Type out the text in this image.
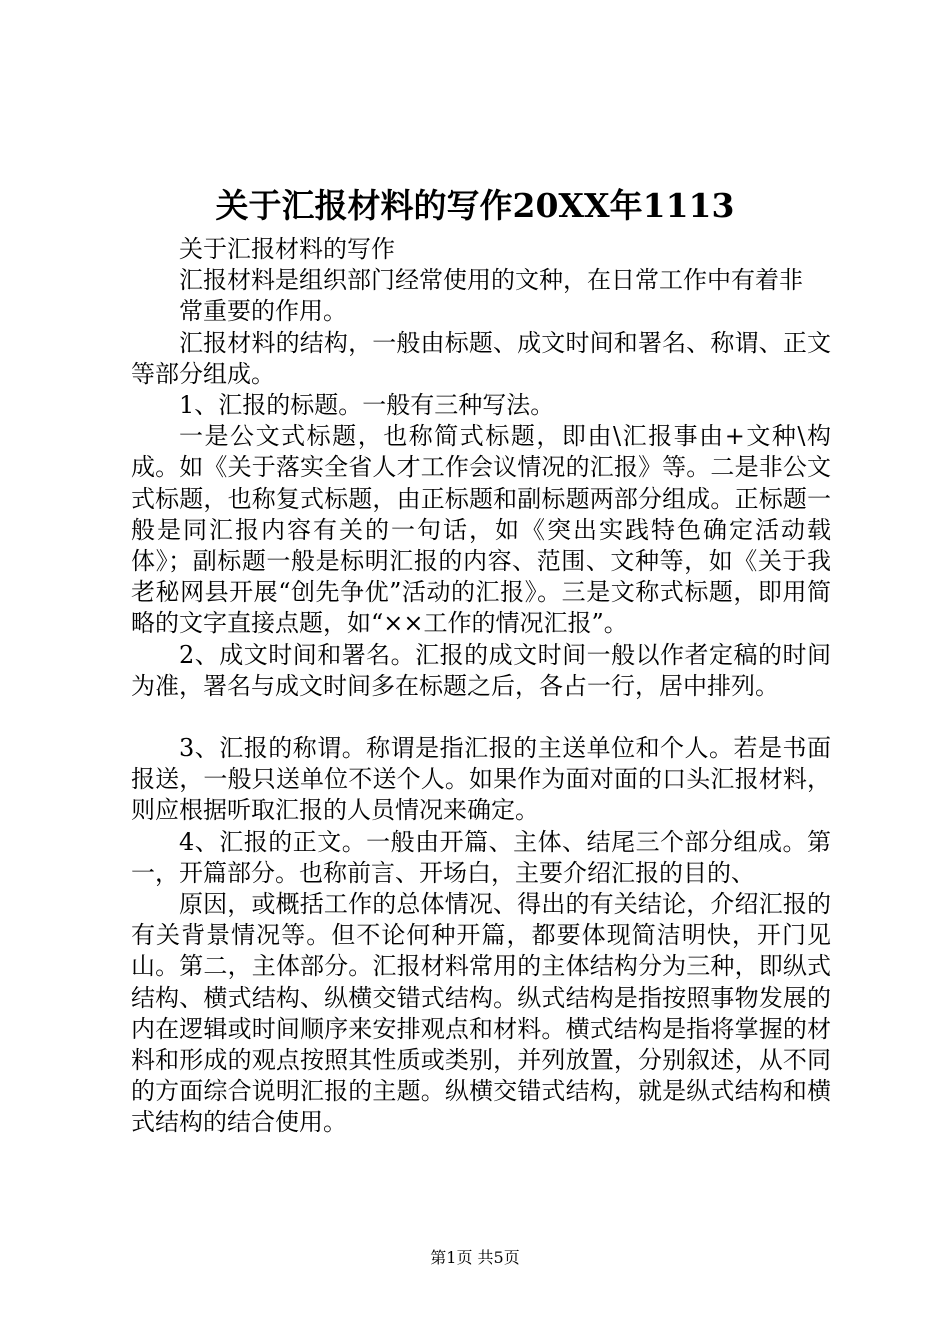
关于汇报材料的写作20XX年1113

关于汇报材料的写作

汇报材料是组织部门经常使用的文种，在日常工作中有着非

常重要的作用。

汇报材料的结构，一般由标题、成文时间和署名、称谓、正文等部分组成。

1、汇报的标题。一般有三种写法。

一是公文式标题，也称简式标题，即由\汇报事由+文种\构成。如《关于落实全省人才工作会议情况的汇报》等。二是非公文式标题，也称复式标题，由正标题和副标题两部分组成。正标题一般是同汇报内容有关的一句话，如《突出实践特色确定活动载体》；副标题一般是标明汇报的内容、范围、文种等，如《关于我老秘网县开展“创先争优”活动的汇报》。三是文称式标题，即用简略的文字直接点题，如“××工作的情况汇报”。

2、成文时间和署名。汇报的成文时间一般以作者定稿的时间为准，署名与成文时间多在标题之后，各占一行，居中排列。

3、汇报的称谓。称谓是指汇报的主送单位和个人。若是书面报送，一般只送单位不送个人。如果作为面对面的口头汇报材料，则应根据听取汇报的人员情况来确定。

4、汇报的正文。一般由开篇、主体、结尾三个部分组成。第一，开篇部分。也称前言、开场白，主要介绍汇报的目的、

原因，或概括工作的总体情况、得出的有关结论，介绍汇报的有关背景情况等。但不论何种开篇，都要体现简洁明快，开门见山。第二，主体部分。汇报材料常用的主体结构分为三种，即纵式结构、横式结构、纵横交错式结构。纵式结构是指按照事物发展的内在逻辑或时间顺序来安排观点和材料。横式结构是指将掌握的材料和形成的观点按照其性质或类别，并列放置，分别叙述，从不同的方面综合说明汇报的主题。纵横交错式结构，就是纵式结构和横式结构的结合使用。

第1页 共5页
